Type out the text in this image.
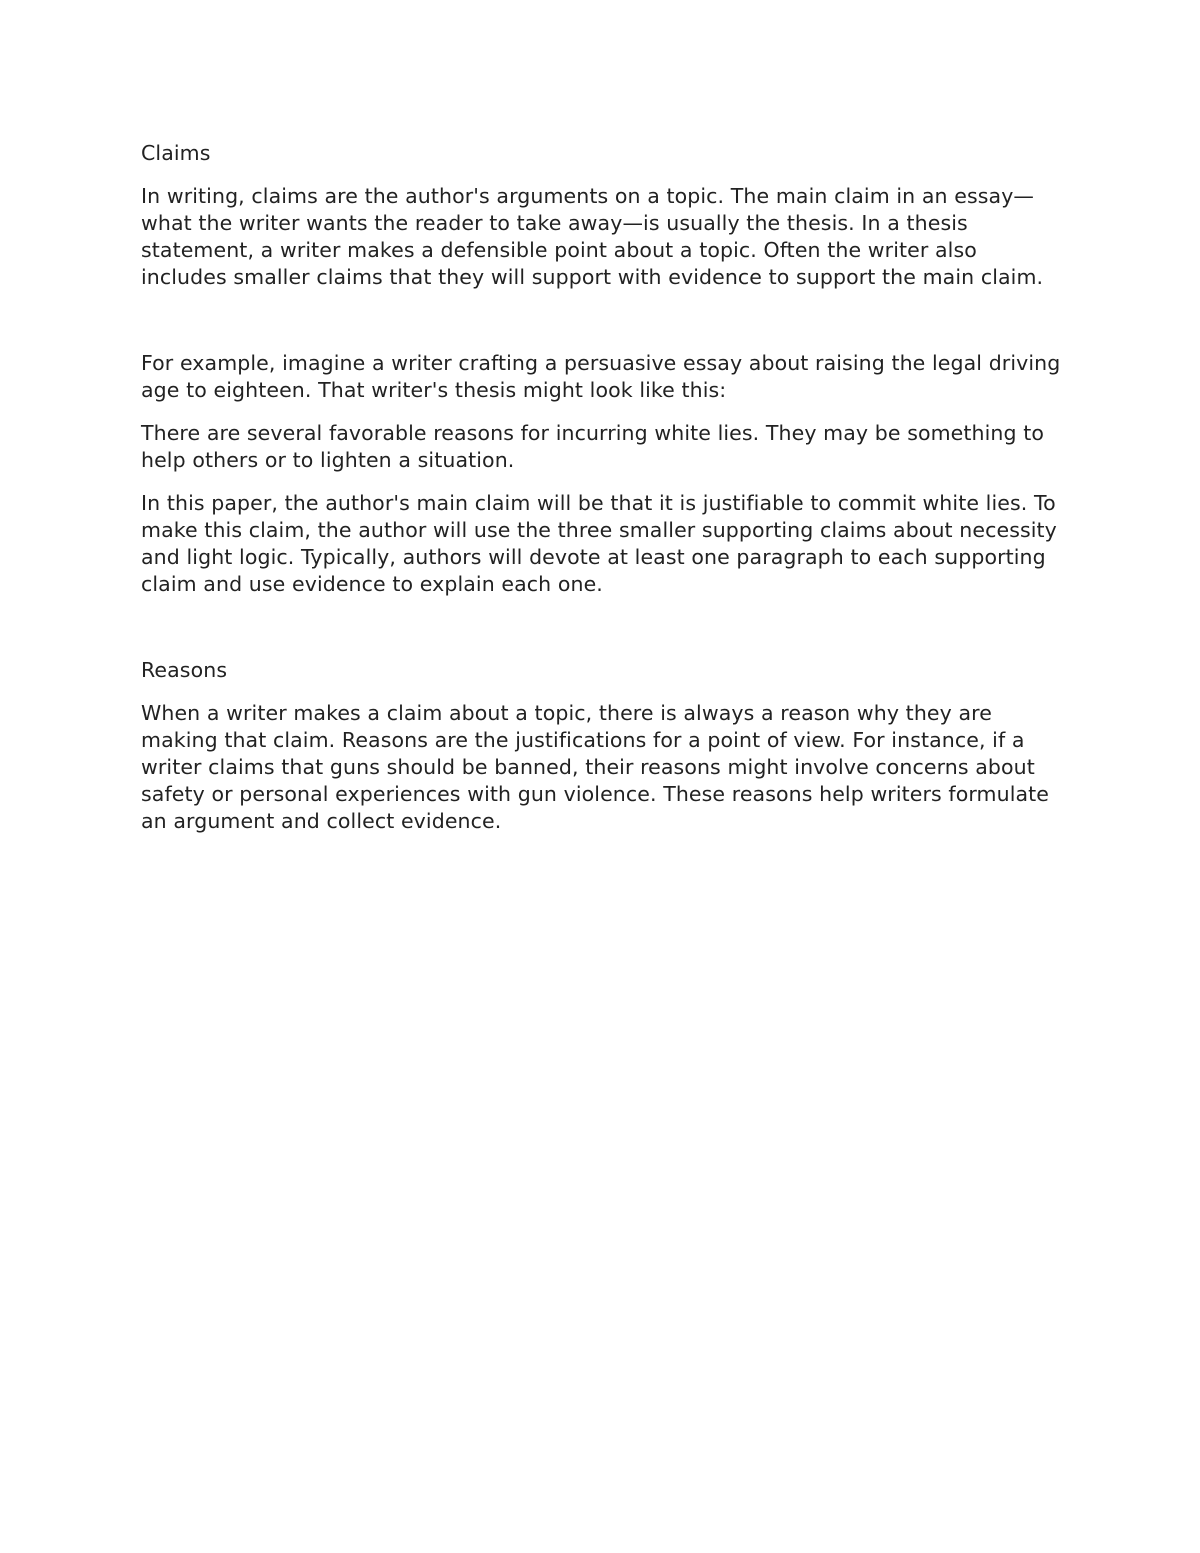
Claims

In writing, claims are the author's arguments on a topic. The main claim in an essay—what the writer wants the reader to take away—is usually the thesis. In a thesis statement, a writer makes a defensible point about a topic. Often the writer also includes smaller claims that they will support with evidence to support the main claim.

For example, imagine a writer crafting a persuasive essay about raising the legal driving age to eighteen. That writer's thesis might look like this:

There are several favorable reasons for incurring white lies. They may be something to help others or to lighten a situation.

In this paper, the author's main claim will be that it is justifiable to commit white lies. To make this claim, the author will use the three smaller supporting claims about necessity and light logic. Typically, authors will devote at least one paragraph to each supporting claim and use evidence to explain each one.

Reasons

When a writer makes a claim about a topic, there is always a reason why they are making that claim. Reasons are the justifications for a point of view. For instance, if a writer claims that guns should be banned, their reasons might involve concerns about safety or personal experiences with gun violence. These reasons help writers formulate an argument and collect evidence.
